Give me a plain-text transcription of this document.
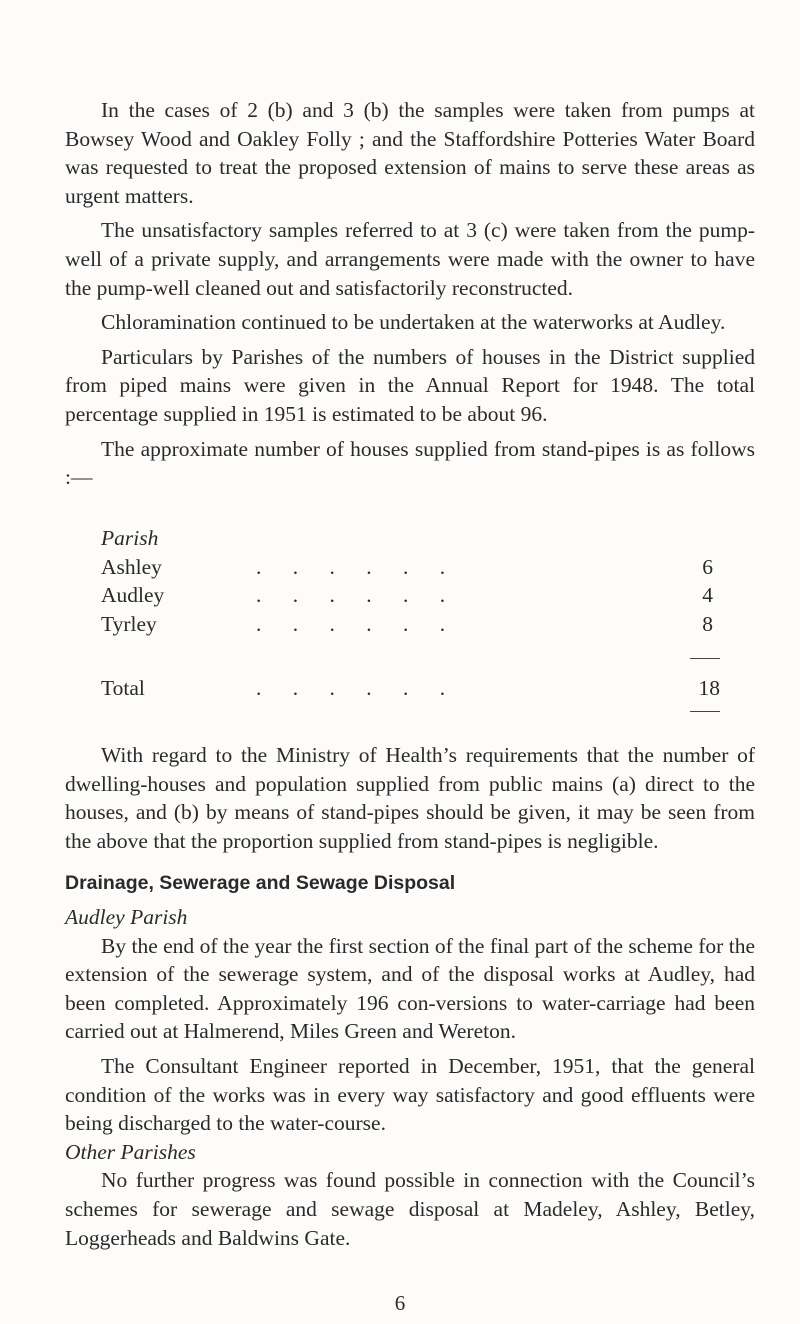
In the cases of 2 (b) and 3 (b) the samples were taken from pumps at Bowsey Wood and Oakley Folly ; and the Staffordshire Potteries Water Board was requested to treat the proposed extension of mains to serve these areas as urgent matters.

The unsatisfactory samples referred to at 3 (c) were taken from the pump-well of a private supply, and arrangements were made with the owner to have the pump-well cleaned out and satisfactorily reconstructed.

Chloramination continued to be undertaken at the waterworks at Audley.

Particulars by Parishes of the numbers of houses in the District supplied from piped mains were given in the Annual Report for 1948. The total percentage supplied in 1951 is estimated to be about 96.

The approximate number of houses supplied from stand-pipes is as follows :—

Parish
Ashley	. . . . . .	6
Audley	. . . . . .	4
Tyrley	. . . . . .	8
Total	. . . . . .	18

With regard to the Ministry of Health’s requirements that the number of dwelling-houses and population supplied from public mains (a) direct to the houses, and (b) by means of stand-pipes should be given, it may be seen from the above that the proportion supplied from stand-pipes is negligible.

Drainage, Sewerage and Sewage Disposal

Audley Parish

By the end of the year the first section of the final part of the scheme for the extension of the sewerage system, and of the disposal works at Audley, had been completed. Approximately 196 con-versions to water-carriage had been carried out at Halmerend, Miles Green and Wereton.

The Consultant Engineer reported in December, 1951, that the general condition of the works was in every way satisfactory and good effluents were being discharged to the water-course.

Other Parishes

No further progress was found possible in connection with the Council’s schemes for sewerage and sewage disposal at Madeley, Ashley, Betley, Loggerheads and Baldwins Gate.

6
